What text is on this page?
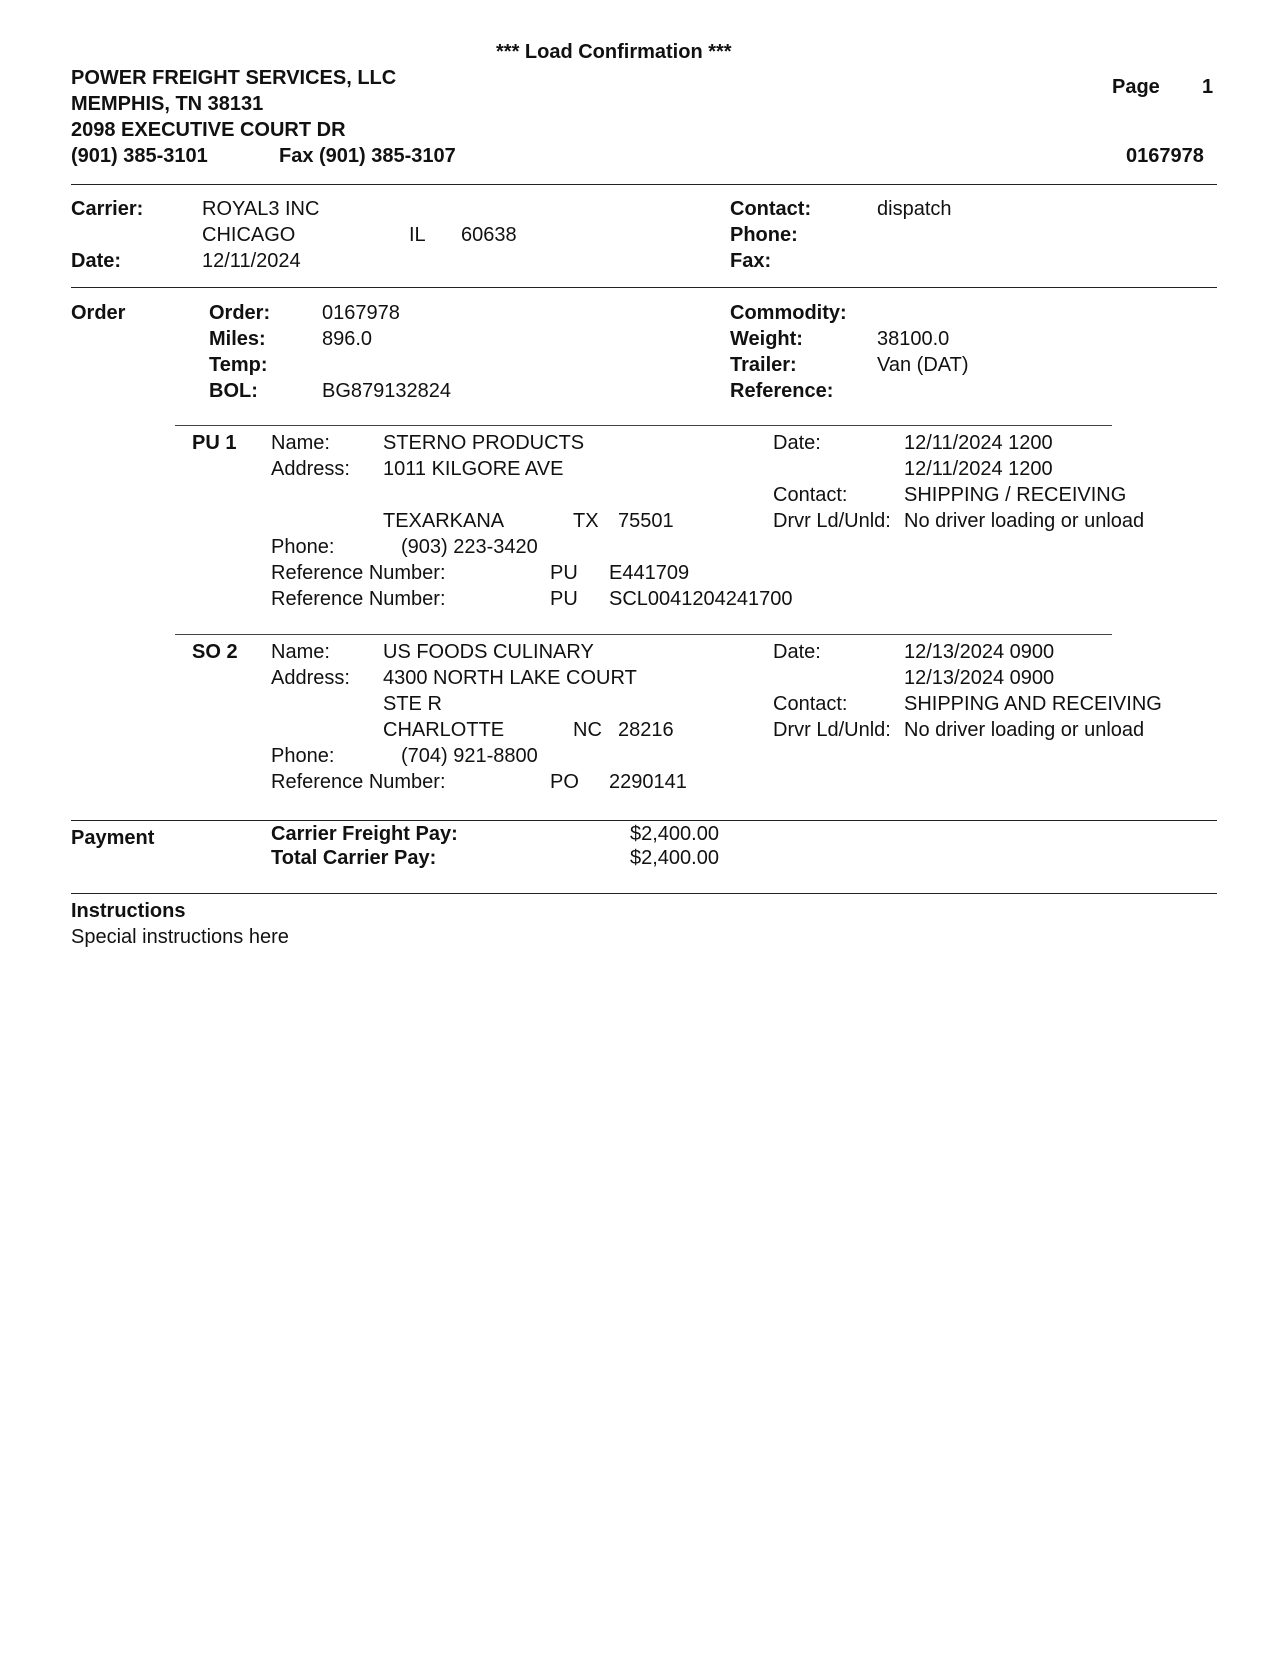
*** Load Confirmation ***
POWER FREIGHT SERVICES, LLC
MEMPHIS, TN 38131
2098 EXECUTIVE COURT DR
(901) 385-3101	Fax (901) 385-3107
Page 1
0167978
Carrier:	ROYAL3 INC
CHICAGO	IL 60638
Date:	12/11/2024
Contact:	dispatch
Phone:
Fax:
Order	Order:	0167978
Miles:	896.0
Temp:
BOL:	BG879132824
Commodity:
Weight:	38100.0
Trailer:	Van (DAT)
Reference:
PU 1 Name:	STERNO PRODUCTS
Address: 1011 KILGORE AVE
TEXARKANA	TX 75501
Phone:	(903) 223-3420
Reference Number:	PU E441709
Reference Number:	PU SCL0041204241700
Date:	12/11/2024 1200
12/11/2024 1200
Contact:	SHIPPING / RECEIVING
Drvr Ld/Unld: No driver loading or unload
SO 2 Name:	US FOODS CULINARY
Address: 4300 NORTH LAKE COURT
STE R
CHARLOTTE	NC 28216
Phone:	(704) 921-8800
Reference Number:	PO 2290141
Date:	12/13/2024 0900
12/13/2024 0900
Contact:	SHIPPING AND RECEIVING
Drvr Ld/Unld: No driver loading or unload
Payment	Carrier Freight Pay:	$2,400.00
Total Carrier Pay:	$2,400.00
Instructions
Special instructions here
